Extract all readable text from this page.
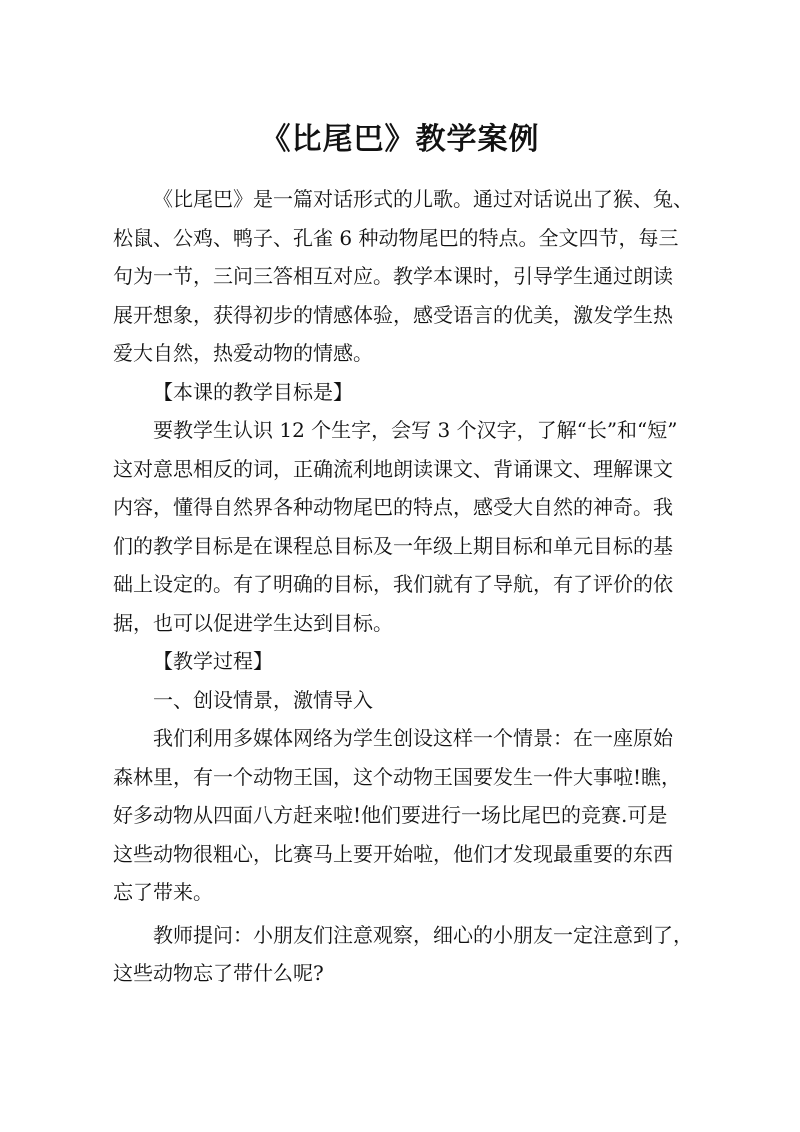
《比尾巴》教学案例

《比尾巴》是一篇对话形式的儿歌。通过对话说出了猴、兔、
松鼠、公鸡、鸭子、孔雀 6 种动物尾巴的特点。全文四节，每三
句为一节，三问三答相互对应。教学本课时，引导学生通过朗读
展开想象，获得初步的情感体验，感受语言的优美，激发学生热
爱大自然，热爱动物的情感。

【本课的教学目标是】

要教学生认识 12 个生字，会写 3 个汉字，了解“长”和“短”
这对意思相反的词，正确流利地朗读课文、背诵课文、理解课文
内容，懂得自然界各种动物尾巴的特点，感受大自然的神奇。我
们的教学目标是在课程总目标及一年级上期目标和单元目标的基
础上设定的。有了明确的目标，我们就有了导航，有了评价的依
据，也可以促进学生达到目标。

【教学过程】

一、创设情景，激情导入

我们利用多媒体网络为学生创设这样一个情景：在一座原始
森林里，有一个动物王国，这个动物王国要发生一件大事啦!瞧，
好多动物从四面八方赶来啦!他们要进行一场比尾巴的竞赛.可是
这些动物很粗心，比赛马上要开始啦，他们才发现最重要的东西
忘了带来。

教师提问：小朋友们注意观察，细心的小朋友一定注意到了，
这些动物忘了带什么呢?
